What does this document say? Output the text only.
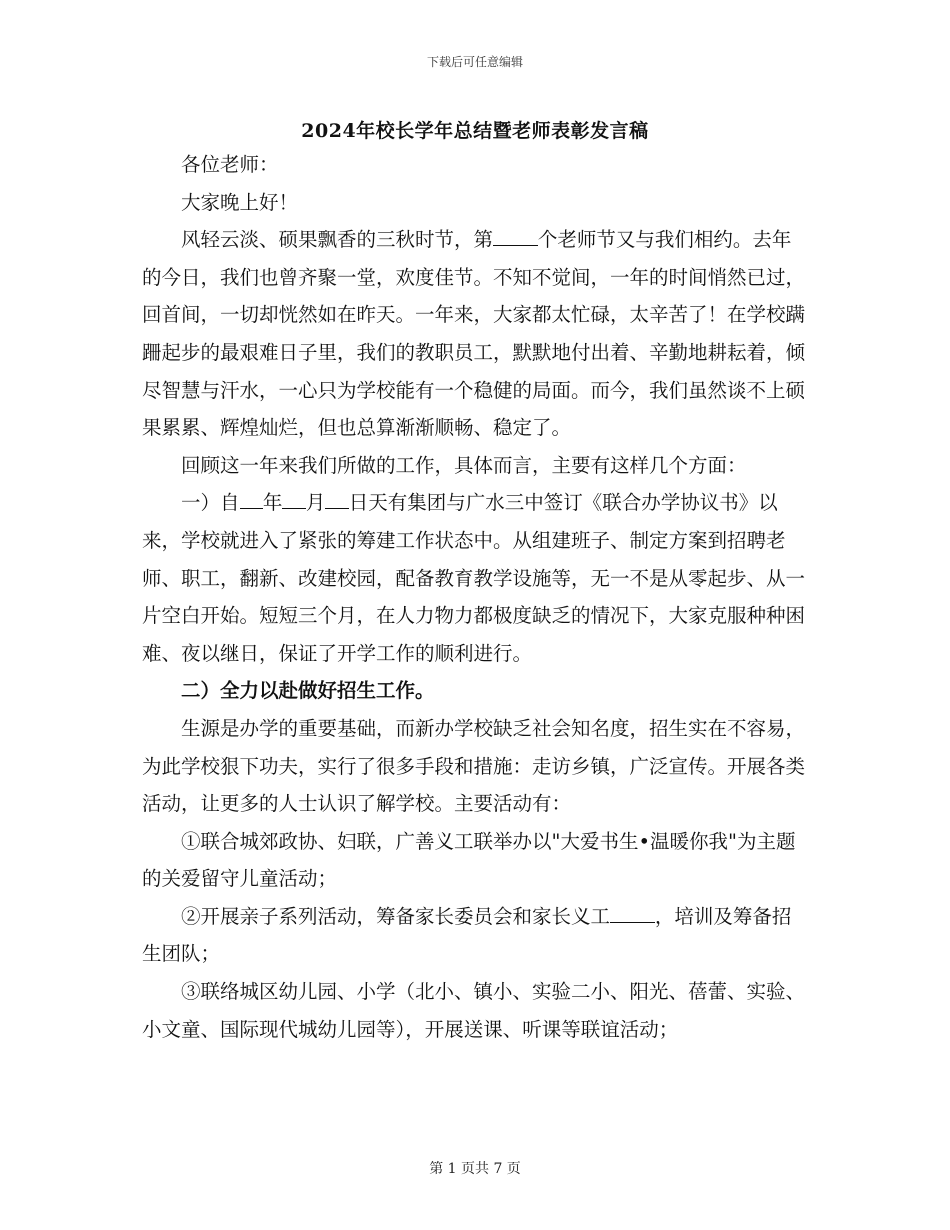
下载后可任意编辑
2024年校长学年总结暨老师表彰发言稿

各位老师：

大家晚上好！

风轻云淡、硕果飘香的三秋时节，第 个老师节又与我们相约。去年的今日，我们也曾齐聚一堂，欢度佳节。不知不觉间，一年的时间悄然已过，回首间，一切却恍然如在昨天。一年来，大家都太忙碌，太辛苦了！在学校蹒跚起步的最艰难日子里，我们的教职员工，默默地付出着、辛勤地耕耘着，倾尽智慧与汗水，一心只为学校能有一个稳健的局面。而今，我们虽然谈不上硕果累累、辉煌灿烂，但也总算渐渐顺畅、稳定了。

回顾这一年来我们所做的工作，具体而言，主要有这样几个方面：

一）自 年 月 日天有集团与广水三中签订《联合办学协议书》以来，学校就进入了紧张的筹建工作状态中。从组建班子、制定方案到招聘老师、职工，翻新、改建校园，配备教育教学设施等，无一不是从零起步、从一片空白开始。短短三个月，在人力物力都极度缺乏的情况下，大家克服种种困难、夜以继日，保证了开学工作的顺利进行。

二）全力以赴做好招生工作。

生源是办学的重要基础，而新办学校缺乏社会知名度，招生实在不容易，为此学校狠下功夫，实行了很多手段和措施：走访乡镇，广泛宣传。开展各类活动，让更多的人士认识了解学校。主要活动有：

①联合城郊政协、妇联，广善义工联举办以"大爱书生•温暖你我"为主题的关爱留守儿童活动；

②开展亲子系列活动，筹备家长委员会和家长义工 ，培训及筹备招生团队；

③联络城区幼儿园、小学（北小、镇小、实验二小、阳光、蓓蕾、实验、小文童、国际现代城幼儿园等），开展送课、听课等联谊活动；

第 1 页共 7 页
